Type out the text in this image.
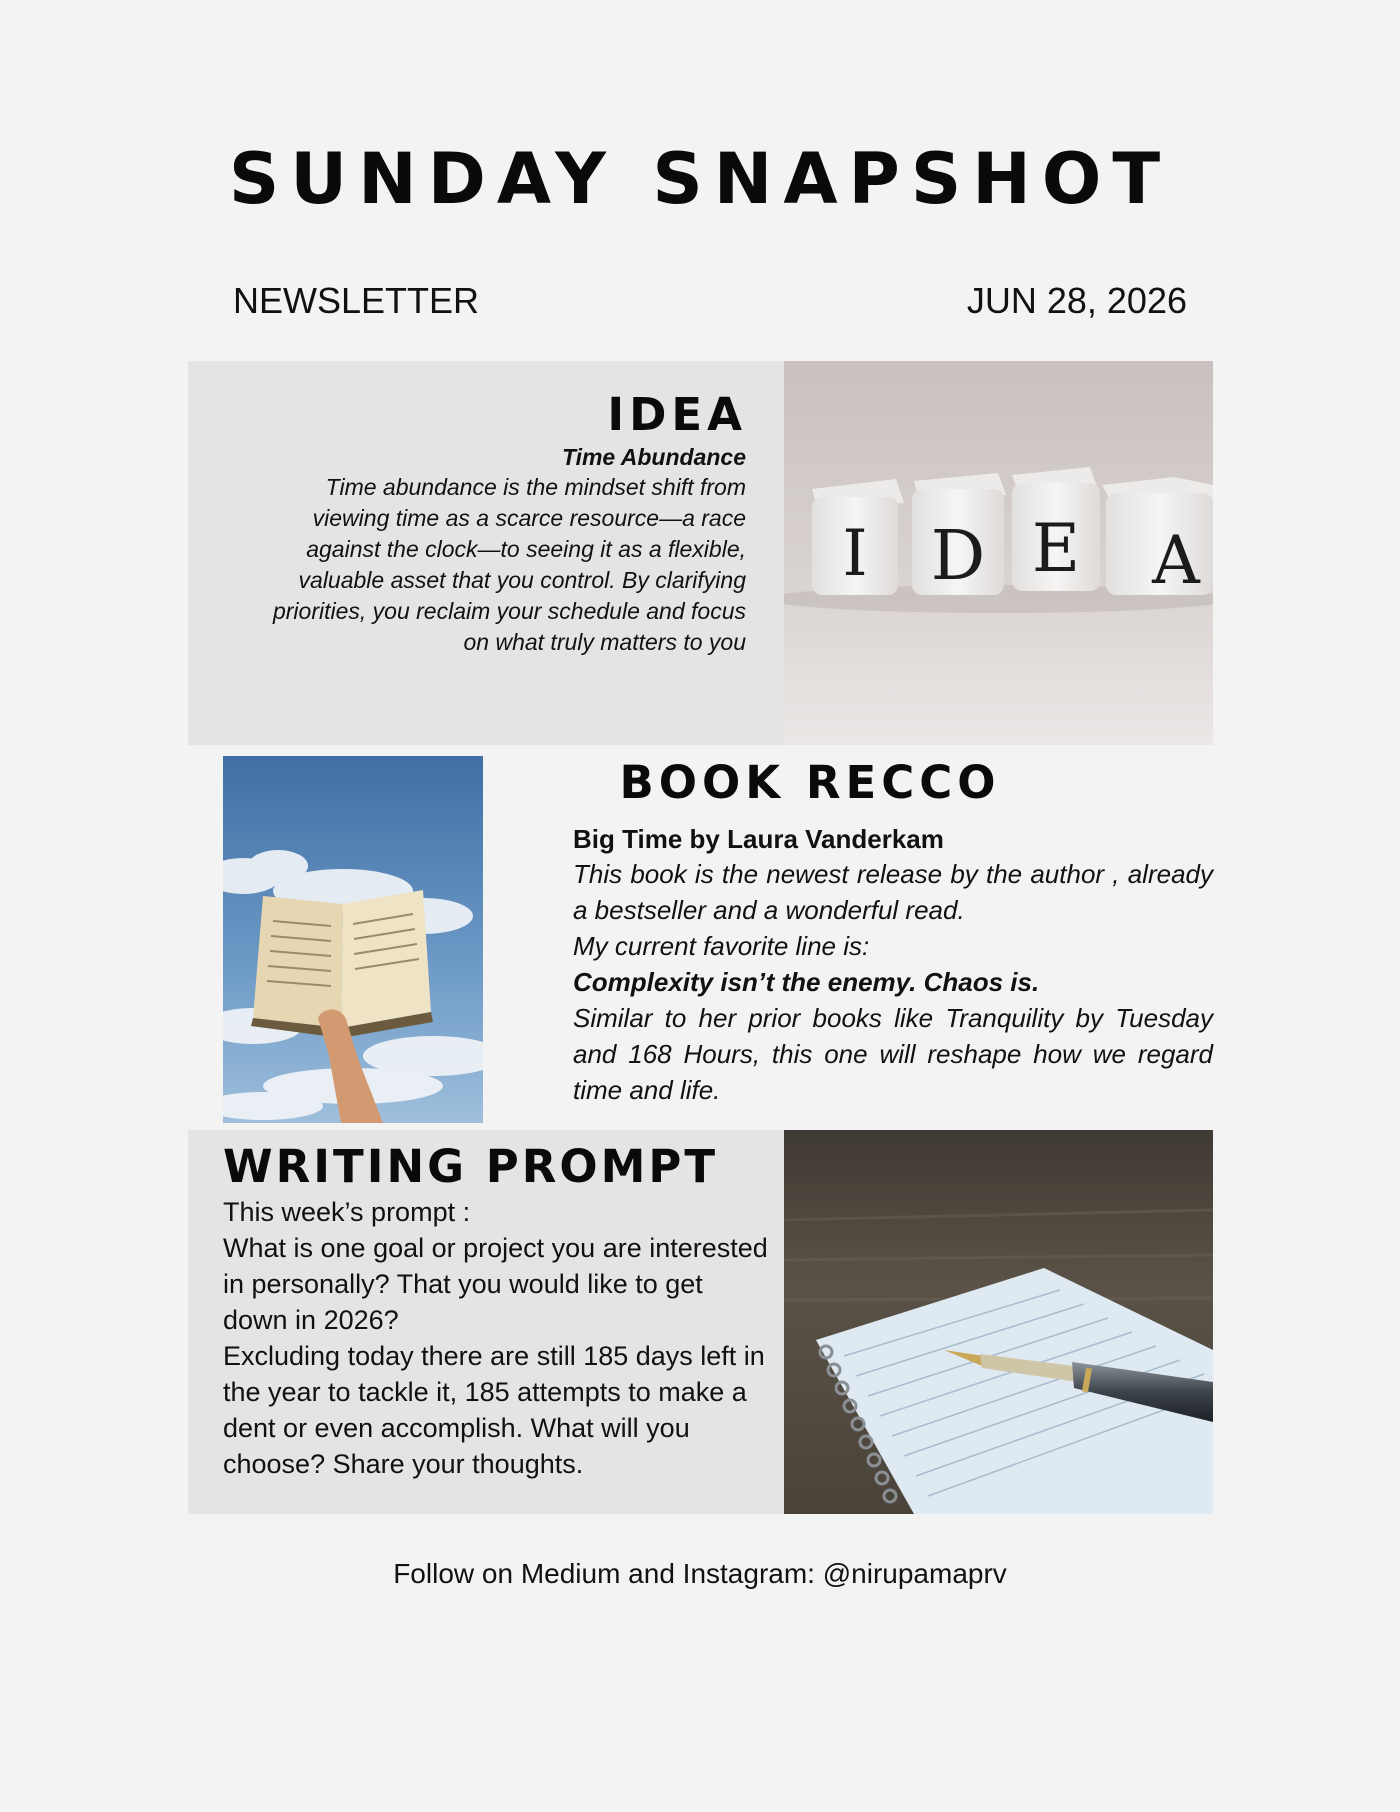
SUNDAY SNAPSHOT
NEWSLETTER	JUN 28, 2026
IDEA
Time Abundance
Time abundance is the mindset shift from
viewing time as a scarce resource—a race
against the clock—to seeing it as a flexible,
valuable asset that you control. By clarifying
priorities, you reclaim your schedule and focus
on what truly matters to you
I D E A
BOOK RECCO
Big Time by Laura Vanderkam

This book is the newest release by the author , already a bestseller and a wonderful read.

My current favorite line is:

Complexity isn’t the enemy. Chaos is.

Similar to her prior books like Tranquility by Tuesday and 168 Hours, this one will reshape how we regard time and life.

WRITING PROMPT

This week’s prompt :

What is one goal or project you are interested in personally? That you would like to get down in 2026?

Excluding today there are still 185 days left in the year to tackle it, 185 attempts to make a dent or even accomplish. What will you choose? Share your thoughts.

Follow on Medium and Instagram: @nirupamaprv
